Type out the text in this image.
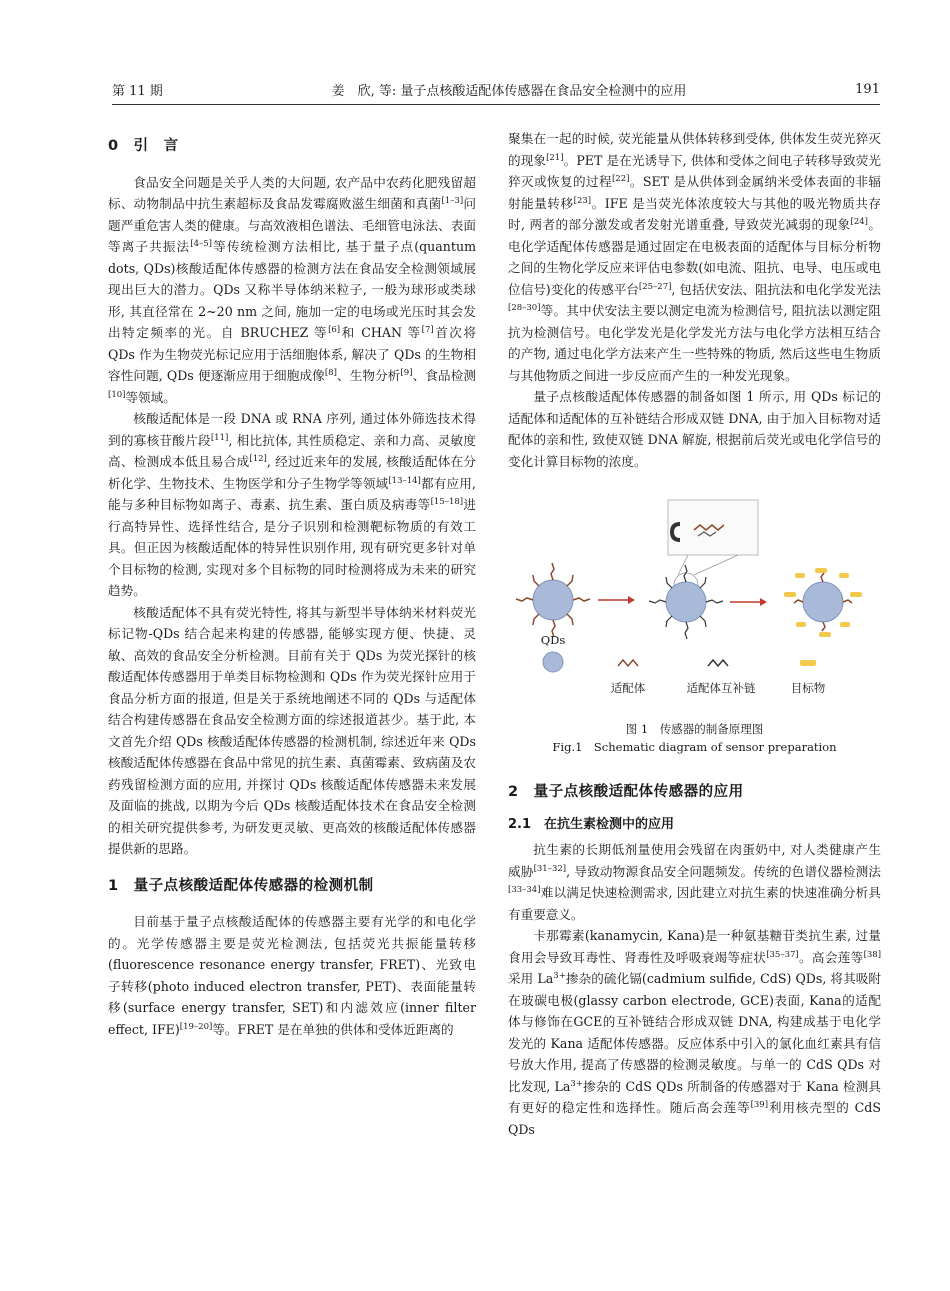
第 11 期	姜　欣, 等: 量子点核酸适配体传感器在食品安全检测中的应用	191
0　引　言

食品安全问题是关乎人类的大问题, 农产品中农药化肥残留超标、动物制品中抗生素超标及食品发霉腐败滋生细菌和真菌[1–3]问题严重危害人类的健康。与高效液相色谱法、毛细管电泳法、表面等离子共振法[4–5]等传统检测方法相比, 基于量子点(quantum dots, QDs)核酸适配体传感器的检测方法在食品安全检测领域展现出巨大的潜力。QDs 又称半导体纳米粒子, 一般为球形或类球形, 其直径常在 2~20 nm 之间, 施加一定的电场或光压时其会发出特定频率的光。自 BRUCHEZ 等[6]和 CHAN 等[7]首次将 QDs 作为生物荧光标记应用于活细胞体系, 解决了 QDs 的生物相容性问题, QDs 便逐渐应用于细胞成像[8]、生物分析[9]、食品检测[10]等领域。

核酸适配体是一段 DNA 或 RNA 序列, 通过体外筛选技术得到的寡核苷酸片段[11], 相比抗体, 其性质稳定、亲和力高、灵敏度高、检测成本低且易合成[12], 经过近来年的发展, 核酸适配体在分析化学、生物技术、生物医学和分子生物学等领域[13–14]都有应用, 能与多种目标物如离子、毒素、抗生素、蛋白质及病毒等[15–18]进行高特异性、选择性结合, 是分子识别和检测靶标物质的有效工具。但正因为核酸适配体的特异性识别作用, 现有研究更多针对单个目标物的检测, 实现对多个目标物的同时检测将成为未来的研究趋势。

核酸适配体不具有荧光特性, 将其与新型半导体纳米材料荧光标记物-QDs 结合起来构建的传感器, 能够实现方便、快捷、灵敏、高效的食品安全分析检测。目前有关于 QDs 为荧光探针的核酸适配体传感器用于单类目标物检测和 QDs 作为荧光探针应用于食品分析方面的报道, 但是关于系统地阐述不同的 QDs 与适配体结合构建传感器在食品安全检测方面的综述报道甚少。基于此, 本文首先介绍 QDs 核酸适配体传感器的检测机制, 综述近年来 QDs 核酸适配体传感器在食品中常见的抗生素、真菌霉素、致病菌及农药残留检测方面的应用, 并探讨 QDs 核酸适配体传感器未来发展及面临的挑战, 以期为今后 QDs 核酸适配体技术在食品安全检测的相关研究提供参考, 为研发更灵敏、更高效的核酸适配体传感器提供新的思路。

1　量子点核酸适配体传感器的检测机制

目前基于量子点核酸适配体的传感器主要有光学的和电化学的。光学传感器主要是荧光检测法, 包括荧光共振能量转移(fluorescence resonance energy transfer, FRET)、光致电子转移(photo induced electron transfer, PET)、表面能量转移(surface energy transfer, SET)和内滤效应(inner filter effect, IFE)[19–20]等。FRET 是在单独的供体和受体近距离的

聚集在一起的时候, 荧光能量从供体转移到受体, 供体发生荧光猝灭的现象[21]。PET 是在光诱导下, 供体和受体之间电子转移导致荧光猝灭或恢复的过程[22]。SET 是从供体到金属纳米受体表面的非辐射能量转移[23]。IFE 是当荧光体浓度较大与其他的吸光物质共存时, 两者的部分激发或者发射光谱重叠, 导致荧光减弱的现象[24]。电化学适配体传感器是通过固定在电极表面的适配体与目标分析物之间的生物化学反应来评估电参数(如电流、阻抗、电导、电压或电位信号)变化的传感平台[25–27], 包括伏安法、阻抗法和电化学发光法[28–30]等。其中伏安法主要以测定电流为检测信号, 阻抗法以测定阻抗为检测信号。电化学发光是化学发光方法与电化学方法相互结合的产物, 通过电化学方法来产生一些特殊的物质, 然后这些电生物质与其他物质之间进一步反应而产生的一种发光现象。

量子点核酸适配体传感器的制备如图 1 所示, 用 QDs 标记的适配体和适配体的互补链结合形成双链 DNA, 由于加入目标物对适配体的亲和性, 致使双链 DNA 解旋, 根据前后荧光或电化学信号的变化计算目标物的浓度。

QDs
适配体	适配体互补链	目标物
图 1　传感器的制备原理图
Fig.1　Schematic diagram of sensor preparation
2　量子点核酸适配体传感器的应用
2.1　在抗生素检测中的应用

抗生素的长期低剂量使用会残留在肉蛋奶中, 对人类健康产生威胁[31–32], 导致动物源食品安全问题频发。传统的色谱仪器检测法[33–34]难以满足快速检测需求, 因此建立对抗生素的快速准确分析具有重要意义。

卡那霉素(kanamycin, Kana)是一种氨基糖苷类抗生素, 过量食用会导致耳毒性、肾毒性及呼吸衰竭等症状[35–37]。高会莲等[38]采用 $La^{3+}$掺杂的硫化镉(cadmium sulfide, CdS) QDs, 将其吸附在玻碳电极(glassy carbon electrode, GCE)表面, Kana的适配体与修饰在GCE的互补链结合形成双链 DNA, 构建成基于电化学发光的 Kana 适配体传感器。反应体系中引入的氯化血红素具有信号放大作用, 提高了传感器的检测灵敏度。与单一的 CdS QDs 对比发现, $La^{3+}$掺杂的 CdS QDs 所制备的传感器对于 Kana 检测具有更好的稳定性和选择性。随后高会莲等[39]利用核壳型的 CdS QDs
